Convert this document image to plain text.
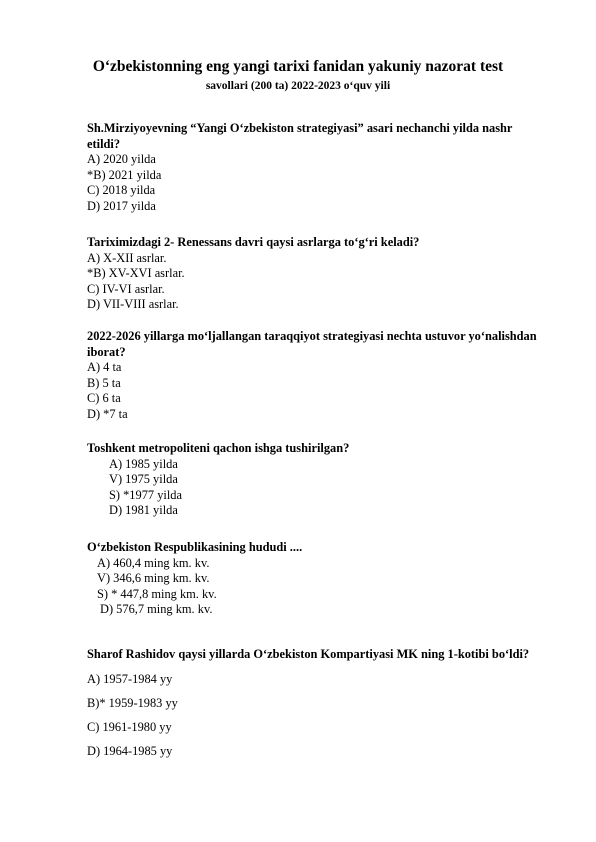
O‘zbekistonning eng yangi tarixi fanidan yakuniy nazorat test
savollari (200 ta) 2022-2023 o‘quv yili
Sh.Mirziyoyevning “Yangi O‘zbekiston strategiyasi” asari nechanchi yilda nashr etildi?
A) 2020 yilda
*B) 2021 yilda
C) 2018 yilda
D) 2017 yilda
Tariximizdagi 2- Renessans davri qaysi asrlarga to‘g‘ri keladi?
A) X-XII asrlar.
*B) XV-XVI asrlar.
C) IV-VI asrlar.
D) VII-VIII asrlar.
2022-2026 yillarga mo‘ljallangan taraqqiyot strategiyasi nechta ustuvor yo‘nalishdan iborat?
A) 4 ta
B) 5 ta
C) 6 ta
D) *7 ta
Toshkent metropoliteni qachon ishga tushirilgan?
A) 1985 yilda
V) 1975 yilda
S) *1977 yilda
D) 1981 yilda
O‘zbekiston Respublikasining hududi ....
A) 460,4 ming km. kv.
V) 346,6 ming km. kv.
S) * 447,8 ming km. kv.
D) 576,7 ming km. kv.
Sharof Rashidov qaysi yillarda O‘zbekiston Kompartiyasi MK ning 1-kotibi bo‘ldi?
A) 1957-1984 yy
B)* 1959-1983 yy
C) 1961-1980 yy
D) 1964-1985 yy
